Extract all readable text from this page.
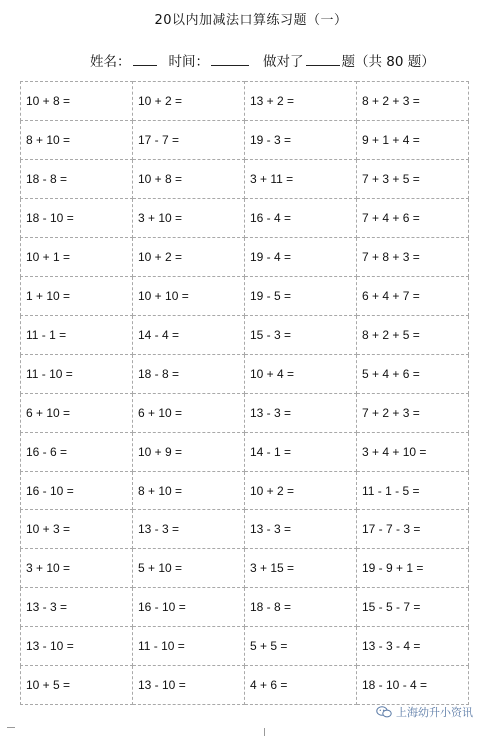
20以内加减法口算练习题（一）
姓名：	时间：	做对了	题（共 80 题）
10 + 8 =	10 + 2 =	13 + 2 =	8 + 2 + 3 =
8 + 10 =	17 - 7 =	19 - 3 =	9 + 1 + 4 =
18 - 8 =	10 + 8 =	3 + 11 =	7 + 3 + 5 =
18 - 10 =	3 + 10 =	16 - 4 =	7 + 4 + 6 =
10 + 1 =	10 + 2 =	19 - 4 =	7 + 8 + 3 =
1 + 10 =	10 + 10 =	19 - 5 =	6 + 4 + 7 =
11 - 1 =	14 - 4 =	15 - 3 =	8 + 2 + 5 =
11 - 10 =	18 - 8 =	10 + 4 =	5 + 4 + 6 =
6 + 10 =	6 + 10 =	13 - 3 =	7 + 2 + 3 =
16 - 6 =	10 + 9 =	14 - 1 =	3 + 4 + 10 =
16 - 10 =	8 + 10 =	10 + 2 =	11 - 1 - 5 =
10 + 3 =	13 - 3 =	13 - 3 =	17 - 7 - 3 =
3 + 10 =	5 + 10 =	3 + 15 =	19 - 9 + 1 =
13 - 3 =	16 - 10 =	18 - 8 =	15 - 5 - 7 =
13 - 10 =	11 - 10 =	5 + 5 =	13 - 3 - 4 =
10 + 5 =	13 - 10 =	4 + 6 =	18 - 10 - 4 =
上海幼升小资讯
